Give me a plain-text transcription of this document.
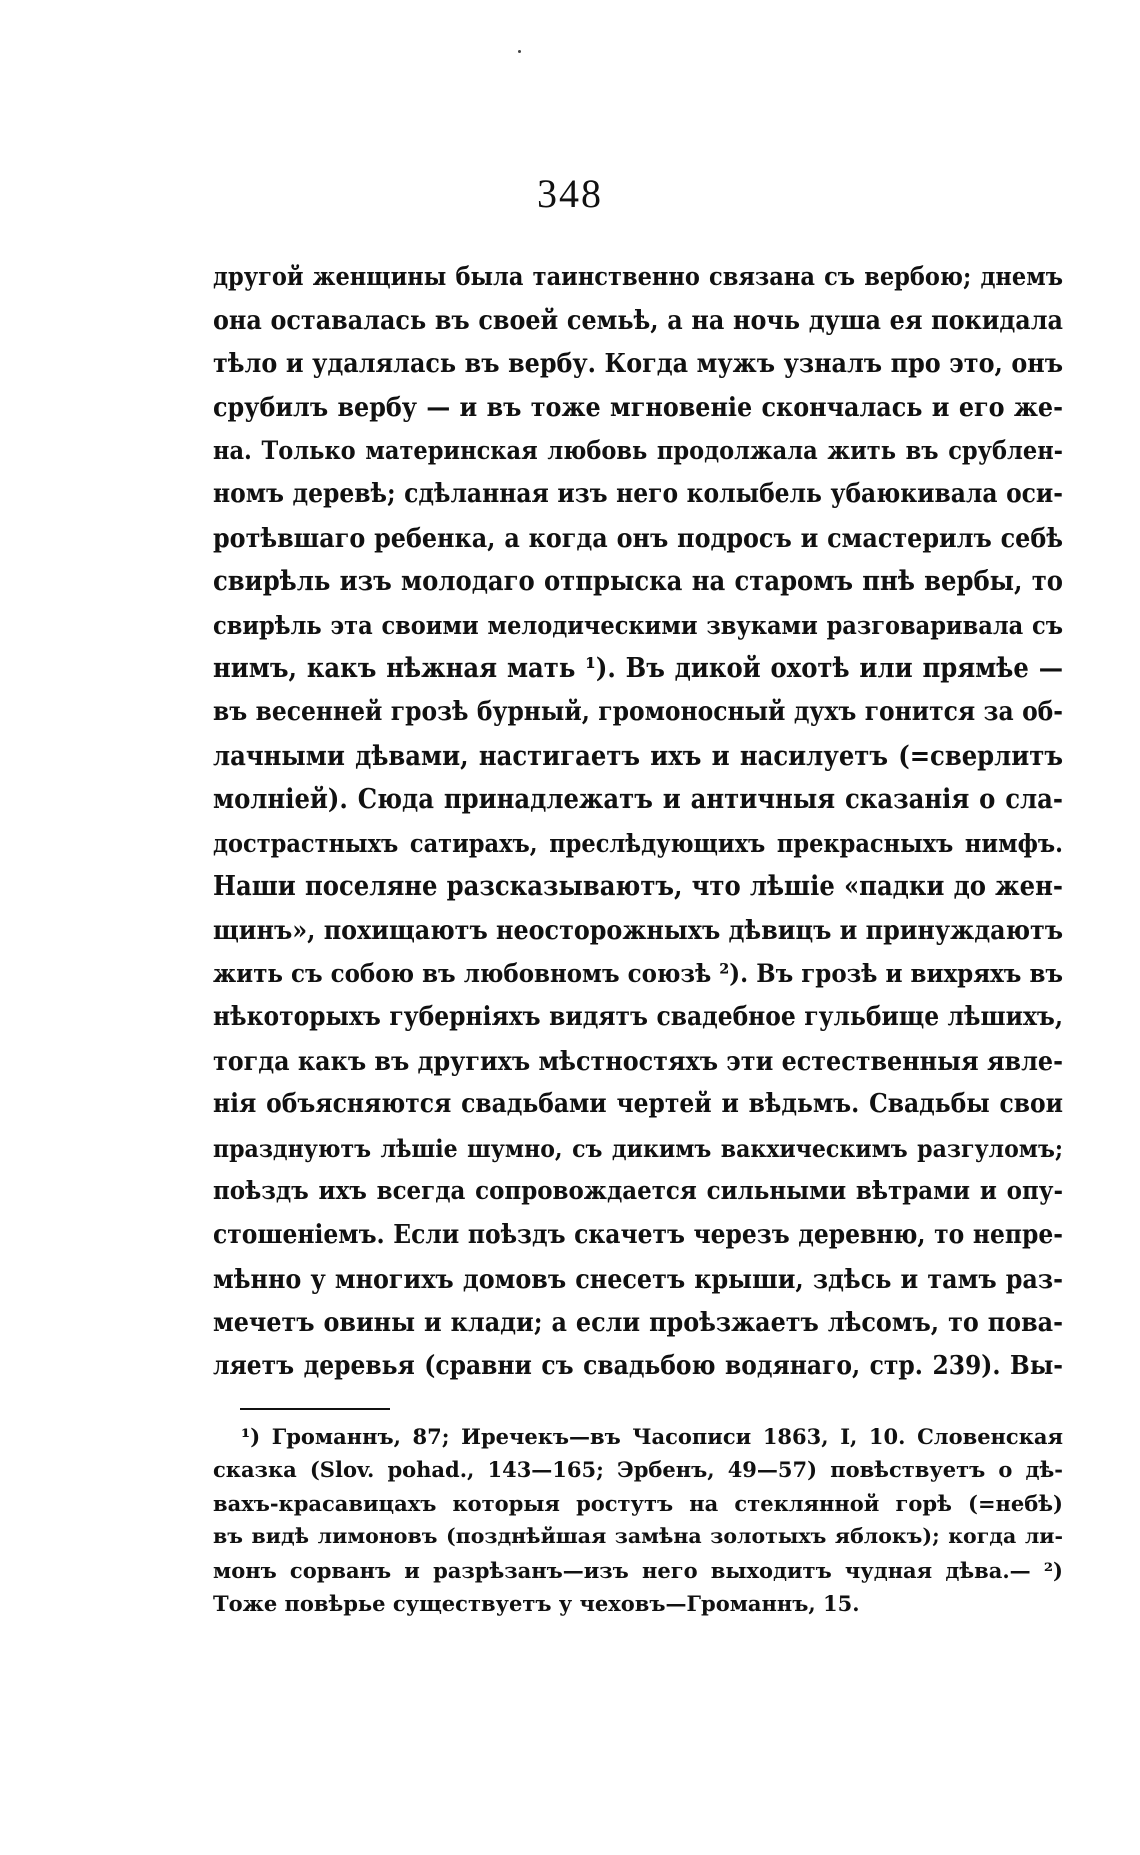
348
другой женщины была таинственно связана съ вербою; днемъ
она оставалась въ своей семьѣ, а на ночь душа ея покидала
тѣло и удалялась въ вербу. Когда мужъ узналъ про это, онъ
срубилъ вербу — и въ тоже мгновеніе скончалась и его же-
на. Только материнская любовь продолжала жить въ срублен-
номъ деревѣ; сдѣланная изъ него колыбель убаюкивала оси-
ротѣвшаго ребенка, а когда онъ подросъ и смастерилъ себѣ
свирѣль изъ молодаго отпрыска на старомъ пнѣ вербы, то
свирѣль эта своими мелодическими звуками разговаривала съ
нимъ, какъ нѣжная мать ¹). Въ дикой охотѣ или прямѣе —
въ весенней грозѣ бурный, громоносный духъ гонится за об-
лачными дѣвами, настигаетъ ихъ и насилуетъ (=сверлитъ
молніей). Сюда принадлежатъ и античныя сказанія о сла-
дострастныхъ сатирахъ, преслѣдующихъ прекрасныхъ нимфъ.
Наши поселяне разсказываютъ, что лѣшіе «падки до жен-
щинъ», похищаютъ неосторожныхъ дѣвицъ и принуждаютъ
жить съ собою въ любовномъ союзѣ ²). Въ грозѣ и вихряхъ въ
нѣкоторыхъ губерніяхъ видятъ свадебное гульбище лѣшихъ,
тогда какъ въ другихъ мѣстностяхъ эти естественныя явле-
нія объясняются свадьбами чертей и вѣдьмъ. Свадьбы свои
празднуютъ лѣшіе шумно, съ дикимъ вакхическимъ разгуломъ;
поѣздъ ихъ всегда сопровождается сильными вѣтрами и опу-
стошеніемъ. Если поѣздъ скачетъ черезъ деревню, то непре-
мѣнно у многихъ домовъ снесетъ крыши, здѣсь и тамъ раз-
мечетъ овины и клади; а если проѣзжаетъ лѣсомъ, то пова-
ляетъ деревья (сравни съ свадьбою водянаго, стр. 239). Вы-
¹) Громаннъ, 87; Иречекъ—въ Часописи 1863, I, 10. Словенская
сказка (Slov. pohad., 143—165; Эрбенъ, 49—57) повѣствуетъ о дѣ-
вахъ-красавицахъ которыя ростутъ на стеклянной горѣ (=небѣ)
въ видѣ лимоновъ (позднѣйшая замѣна золотыхъ яблокъ); когда ли-
монъ сорванъ и разрѣзанъ—изъ него выходитъ чудная дѣва.— ²)
Тоже повѣрье существуетъ у чеховъ—Громаннъ, 15.
